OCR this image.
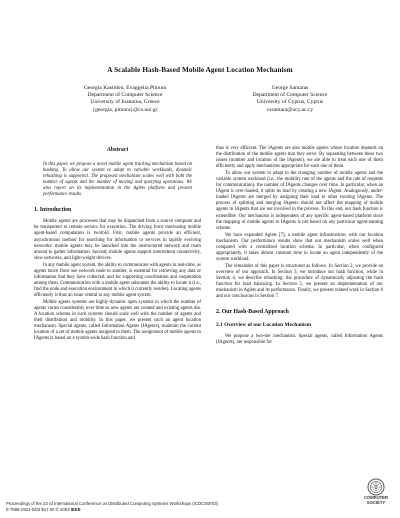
A Scalable Hash-Based Mobile Agent Location Mechanism
Georgia Kastidou, Evaggelia Pitoura
Department of Computer Science
University of Ioannina, Greece
{georgia, pitoura}@cs.uoi.gr
George Samaras
Department of Computer Science
University of Cyprus, Cyprus
cssamara@ucy.ac.cy
Abstract
In this paper, we propose a novel mobile agent tracking mechanism based on hashing. To allow our system to adapt to variable workloads, dynamic rehashing is supported. The proposed mechanism scales well with both the number of agents and the number of moving and querying operations. We also report on its implementation in the Aglets platform and present performance results.
1. Introduction

Mobile agents are processes that may be dispatched from a source computer and be transported to remote servers for execution. The driving force motivating mobile agent-based computation is twofold. First, mobile agents provide an efficient, asynchronous method for searching for information or services in rapidly evolving networks: mobile agents may be launched into the unstructured network and roam around to gather information. Second, mobile agents support intermittent connectivity, slow networks, and light-weight devices.

In any mobile agent system, the ability to communicate with agents in real-time, as agents move from one network node to another, is essential for retrieving any data or information that they have collected, and for supporting coordination and cooperation among them. Communication with a mobile agent subsumes the ability to locate it (i.e., find the node and execution environment in which it currently resides). Locating agents efficiently is thus an issue central to any mobile agent system.

Mobile agents systems are highly-dynamic open systems in which the number of agents varies considerably over time as new agents are created and existing agents die. A location schema in such systems should scale well with the number of agents and their distribution and mobility. In this paper, we present such an agent location mechanism. Special agents, called Information Agents (IAgents), maintain the current location of a set of mobile agents assigned to them. The assignment of mobile agents to IAgents is based on a system-wide hash function and

thus is very efficient. The IAgents are also mobile agents whose location depends on the distribution of the mobile agents that they serve. By separating between these two issues (number and location of the IAgents), we are able to treat each one of them efficiently and apply mechanisms appropriate for each one of them.

To allow our system to adapt to the changing number of mobile agents and the variable system workload (i.e., the mobility rate of the agents and the rate of requests for communication), the number of IAgents changes over time. In particular, when an IAgent is over-loaded, it splits its load by creating a new IAgent. Analogously, under-loaded IAgents are merged by assigning their load to other existing IAgents. The process of splitting and merging IAgents should not affect the mapping of mobile agents to IAgents that are not involved in the process. To this end, our hash function is extendible. Our mechanism is independent of any specific agent-based platform since the mapping of mobile agents to IAgents is not based on any particular agent-naming scheme.

We have expanded Aglets [7], a mobile agent infrastructure, with our location mechanism. Our performance results show that our mechanism scales well when compared with a centralized location schema. In particular, when configured appropriately, it takes almost constant time to locate an agent independently of the system workload.

The remainder of this paper is structured as follows. In Section 2, we provide an overview of our approach. In Section 3, we introduce our hash function, while in Section 4, we describe rehashing: the procedure of dynamically adjusting the hash function for load balancing. In Section 5, we present an implementation of our mechanism in Aglets and its performance. Finally, we present related work in Section 6 and our conclusions in Section 7.

2. Our Hash-Based Approach
2.1 Overview of our Location Mechanism

We propose a two-tier mechanism. Special agents, called Information Agents (IAgents), are responsible for

Proceedings of the 23 rd International Conference on Distributed Computing Systems Workshops (ICDCSW'03)
0-7695-1921-0/03 $17.00 © 2003 IEEE
COMPUTER
SOCIETY
